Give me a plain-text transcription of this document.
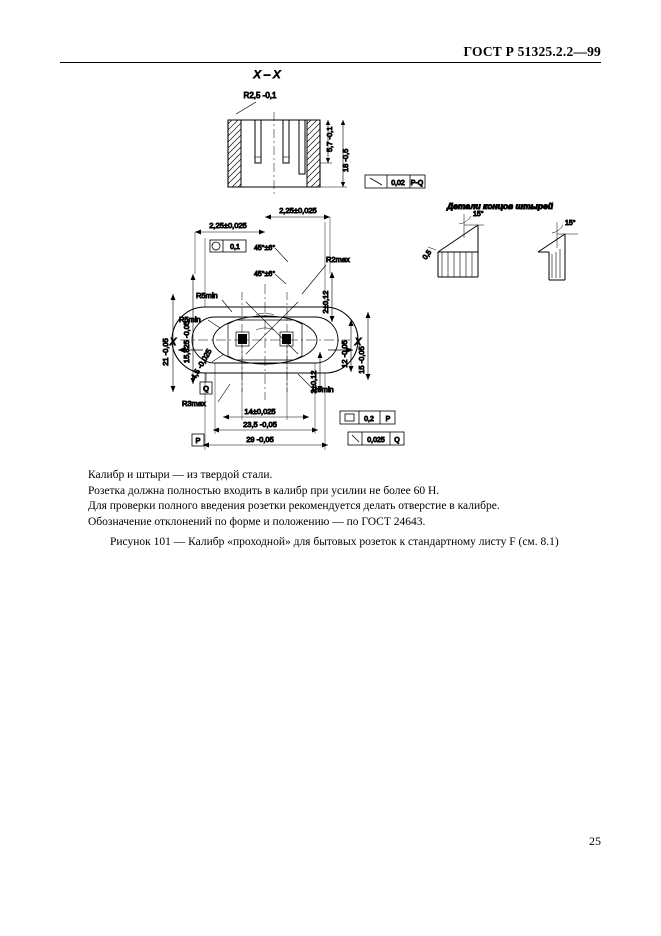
ГОСТ Р 51325.2.2—99
X – X
R2,5 -0,1
5,7 -0,1
18 -0,5
0,02 P-Q
Детали концов штырей
15°
0,5
15°
X	X
2,25±0,025
2,25±0,025
0,1
15,825 -0,05
21 -0,05
R5min
R5min
R2max
45°±6°
45°±6°
2±0,12
2±0,12
12 -0,05 15 -0,05
R6min
R3max
4,5 -0,025
Q
14±0,025
23,5 -0,05
29 -0,05
P
0,2 P
0,025 Q
Калибр и штыри — из твердой стали.
Розетка должна полностью входить в калибр при усилии не более 60 Н.
Для проверки полного введения розетки рекомендуется делать отверстие в калибре.
Обозначение отклонений по форме и положению — по ГОСТ 24643.
Рисунок 101 — Калибр «проходной» для бытовых розеток к стандартному листу F (см. 8.1)
25
